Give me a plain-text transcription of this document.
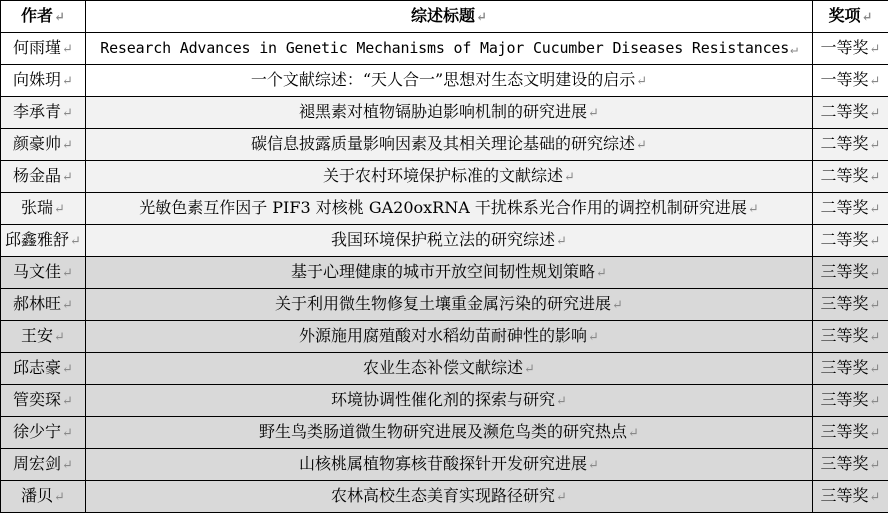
作者↵	综述标题↵	奖项↵
何雨瑾↵	Research Advances in Genetic Mechanisms of Major Cucumber Diseases Resistances↵	一等奖↵
向姝玥↵	一个文献综述：“天人合一”思想对生态文明建设的启示↵	一等奖↵
李承青↵	褪黑素对植物镉胁迫影响机制的研究进展↵	二等奖↵
颜豪帅↵	碳信息披露质量影响因素及其相关理论基础的研究综述↵	二等奖↵
杨金晶↵	关于农村环境保护标准的文献综述↵	二等奖↵
张瑞↵	光敏色素互作因子 PIF3 对核桃 GA20oxRNA 干扰株系光合作用的调控机制研究进展↵	二等奖↵
邱鑫雅舒↵	我国环境保护税立法的研究综述↵	二等奖↵
马文佳↵	基于心理健康的城市开放空间韧性规划策略↵	三等奖↵
郝林旺↵	关于利用微生物修复土壤重金属污染的研究进展↵	三等奖↵
王安↵	外源施用腐殖酸对水稻幼苗耐砷性的影响↵	三等奖↵
邱志豪↵	农业生态补偿文献综述↵	三等奖↵
管奕琛↵	环境协调性催化剂的探索与研究↵	三等奖↵
徐少宁↵	野生鸟类肠道微生物研究进展及濒危鸟类的研究热点↵	三等奖↵
周宏剑↵	山核桃属植物寡核苷酸探针开发研究进展↵	三等奖↵
潘贝↵	农林高校生态美育实现路径研究↵	三等奖↵
